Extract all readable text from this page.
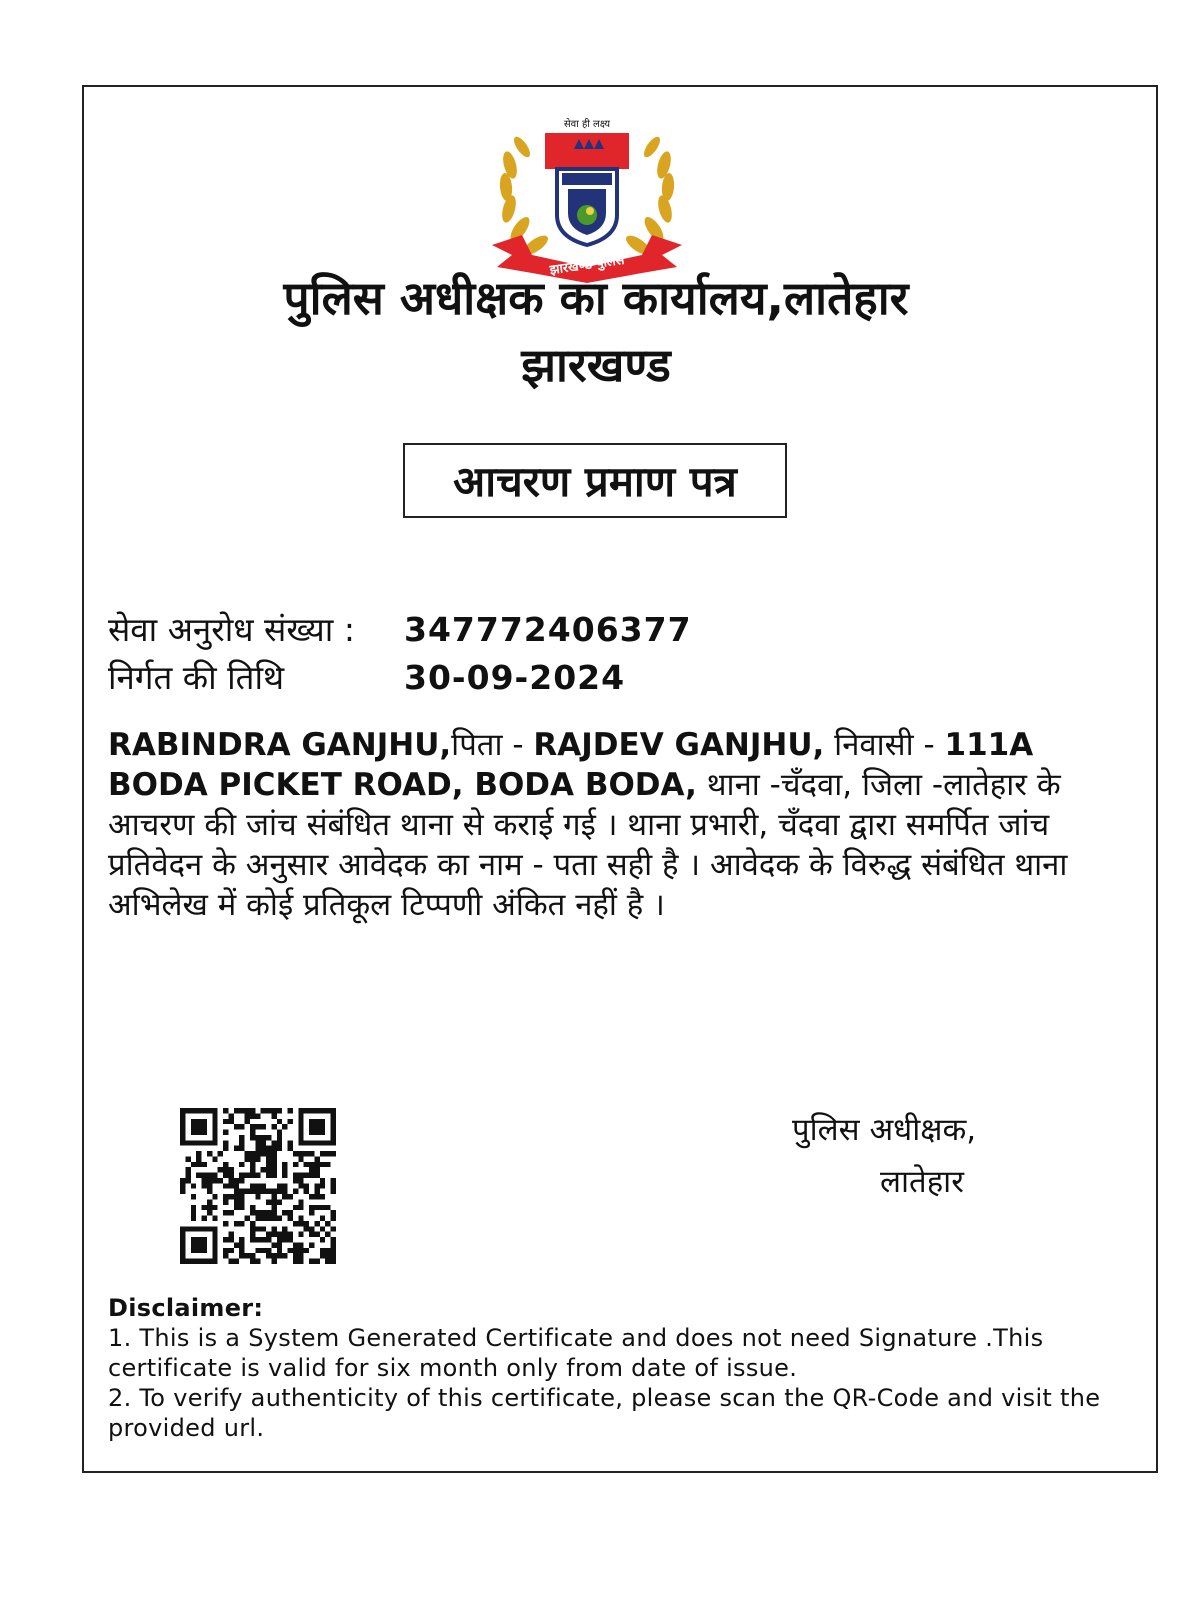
सेवा ही लक्ष्य
झारखण्ड पुलिस
पुलिस अधीक्षक का कार्यालय,लातेहार
झारखण्ड
आचरण प्रमाण पत्र
सेवा अनुरोध संख्या : 347772406377
निर्गत की तिथि	30-09-2024
RABINDRA GANJHU,पिता - RAJDEV GANJHU, निवासी - 111A BODA PICKET ROAD, BODA BODA, थाना -चँदवा, जिला -लातेहार के आचरण की जांच संबंधित थाना से कराई गई । थाना प्रभारी, चँदवा द्वारा समर्पित जांच प्रतिवेदन के अनुसार आवेदक का नाम - पता सही है । आवेदक के विरुद्ध संबंधित थाना अभिलेख में कोई प्रतिकूल टिप्पणी अंकित नहीं है ।
पुलिस अधीक्षक,
लातेहार
Disclaimer:
1. This is a System Generated Certificate and does not need Signature .This certificate is valid for six month only from date of issue.
2. To verify authenticity of this certificate, please scan the QR-Code and visit the provided url.
